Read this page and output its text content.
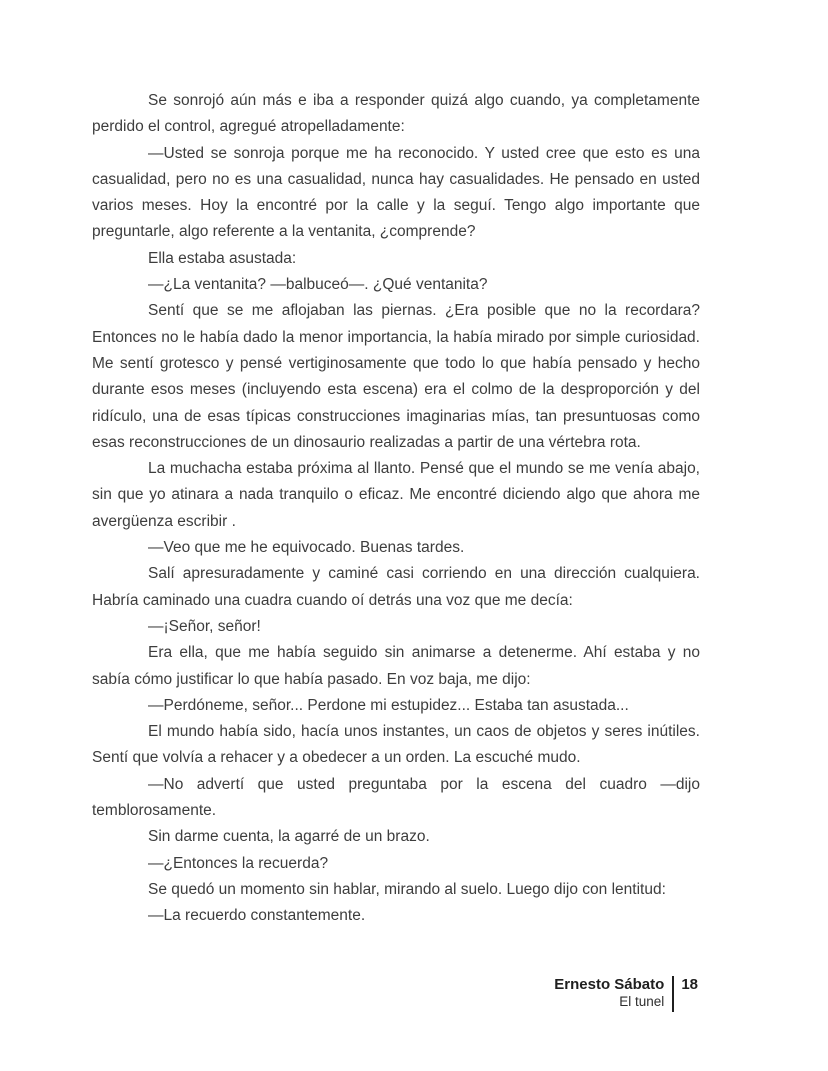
Se sonrojó aún más e iba a responder quizá algo cuando, ya completamente perdido el control, agregué atropelladamente:

—Usted se sonroja porque me ha reconocido. Y usted cree que esto es una casualidad, pero no es una casualidad, nunca hay casualidades. He pensado en usted varios meses. Hoy la encontré por la calle y la seguí. Tengo algo importante que preguntarle, algo referente a la ventanita, ¿comprende?

Ella estaba asustada:

—¿La ventanita? —balbuceó—. ¿Qué ventanita?

Sentí que se me aflojaban las piernas. ¿Era posible que no la recordara? Entonces no le había dado la menor importancia, la había mirado por simple curiosidad. Me sentí grotesco y pensé vertiginosamente que todo lo que había pensado y hecho durante esos meses (incluyendo esta escena) era el colmo de la desproporción y del ridículo, una de esas típicas construcciones imaginarias mías, tan presuntuosas como esas reconstrucciones de un dinosaurio realizadas a partir de una vértebra rota.

La muchacha estaba próxima al llanto. Pensé que el mundo se me venía abajo, sin que yo atinara a nada tranquilo o eficaz. Me encontré diciendo algo que ahora me avergüenza escribir .

—Veo que me he equivocado. Buenas tardes.

Salí apresuradamente y caminé casi corriendo en una dirección cualquiera. Habría caminado una cuadra cuando oí detrás una voz que me decía:

—¡Señor, señor!

Era ella, que me había seguido sin animarse a detenerme. Ahí estaba y no sabía cómo justificar lo que había pasado. En voz baja, me dijo:

—Perdóneme, señor... Perdone mi estupidez... Estaba tan asustada...

El mundo había sido, hacía unos instantes, un caos de objetos y seres inútiles. Sentí que volvía a rehacer y a obedecer a un orden. La escuché mudo.

—No advertí que usted preguntaba por la escena del cuadro —dijo temblorosamente.

Sin darme cuenta, la agarré de un brazo.

—¿Entonces la recuerda?

Se quedó un momento sin hablar, mirando al suelo. Luego dijo con lentitud:

—La recuerdo constantemente.

Ernesto Sábato
El tunel
18
